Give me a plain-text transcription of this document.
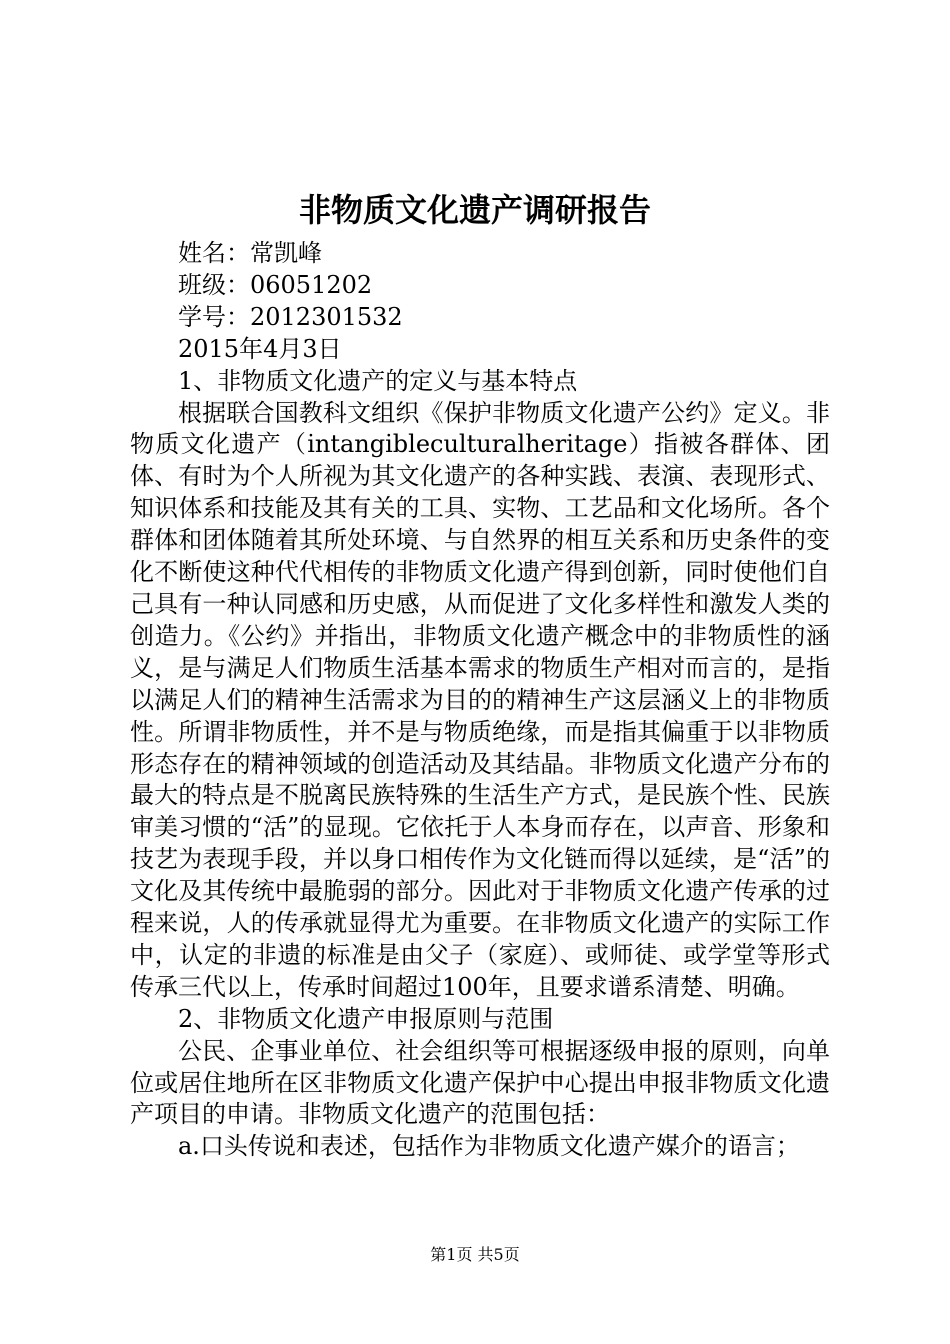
非物质文化遗产调研报告

姓名：常凯峰

班级：06051202

学号：2012301532

2015年4月3日

1、非物质文化遗产的定义与基本特点

根据联合国教科文组织《保护非物质文化遗产公约》定义。非物质文化遗产（intangibleculturalheritage）指被各群体、团体、有时为个人所视为其文化遗产的各种实践、表演、表现形式、知识体系和技能及其有关的工具、实物、工艺品和文化场所。各个群体和团体随着其所处环境、与自然界的相互关系和历史条件的变化不断使这种代代相传的非物质文化遗产得到创新，同时使他们自己具有一种认同感和历史感，从而促进了文化多样性和激发人类的创造力。《公约》并指出，非物质文化遗产概念中的非物质性的涵义，是与满足人们物质生活基本需求的物质生产相对而言的，是指以满足人们的精神生活需求为目的的精神生产这层涵义上的非物质性。所谓非物质性，并不是与物质绝缘，而是指其偏重于以非物质形态存在的精神领域的创造活动及其结晶。非物质文化遗产分布的最大的特点是不脱离民族特殊的生活生产方式，是民族个性、民族审美习惯的“活”的显现。它依托于人本身而存在，以声音、形象和技艺为表现手段，并以身口相传作为文化链而得以延续，是“活”的文化及其传统中最脆弱的部分。因此对于非物质文化遗产传承的过程来说，人的传承就显得尤为重要。在非物质文化遗产的实际工作中，认定的非遗的标准是由父子（家庭）、或师徒、或学堂等形式传承三代以上，传承时间超过100年，且要求谱系清楚、明确。

2、非物质文化遗产申报原则与范围

公民、企事业单位、社会组织等可根据逐级申报的原则，向单位或居住地所在区非物质文化遗产保护中心提出申报非物质文化遗产项目的申请。非物质文化遗产的范围包括：

a.口头传说和表述，包括作为非物质文化遗产媒介的语言；

第1页 共5页
